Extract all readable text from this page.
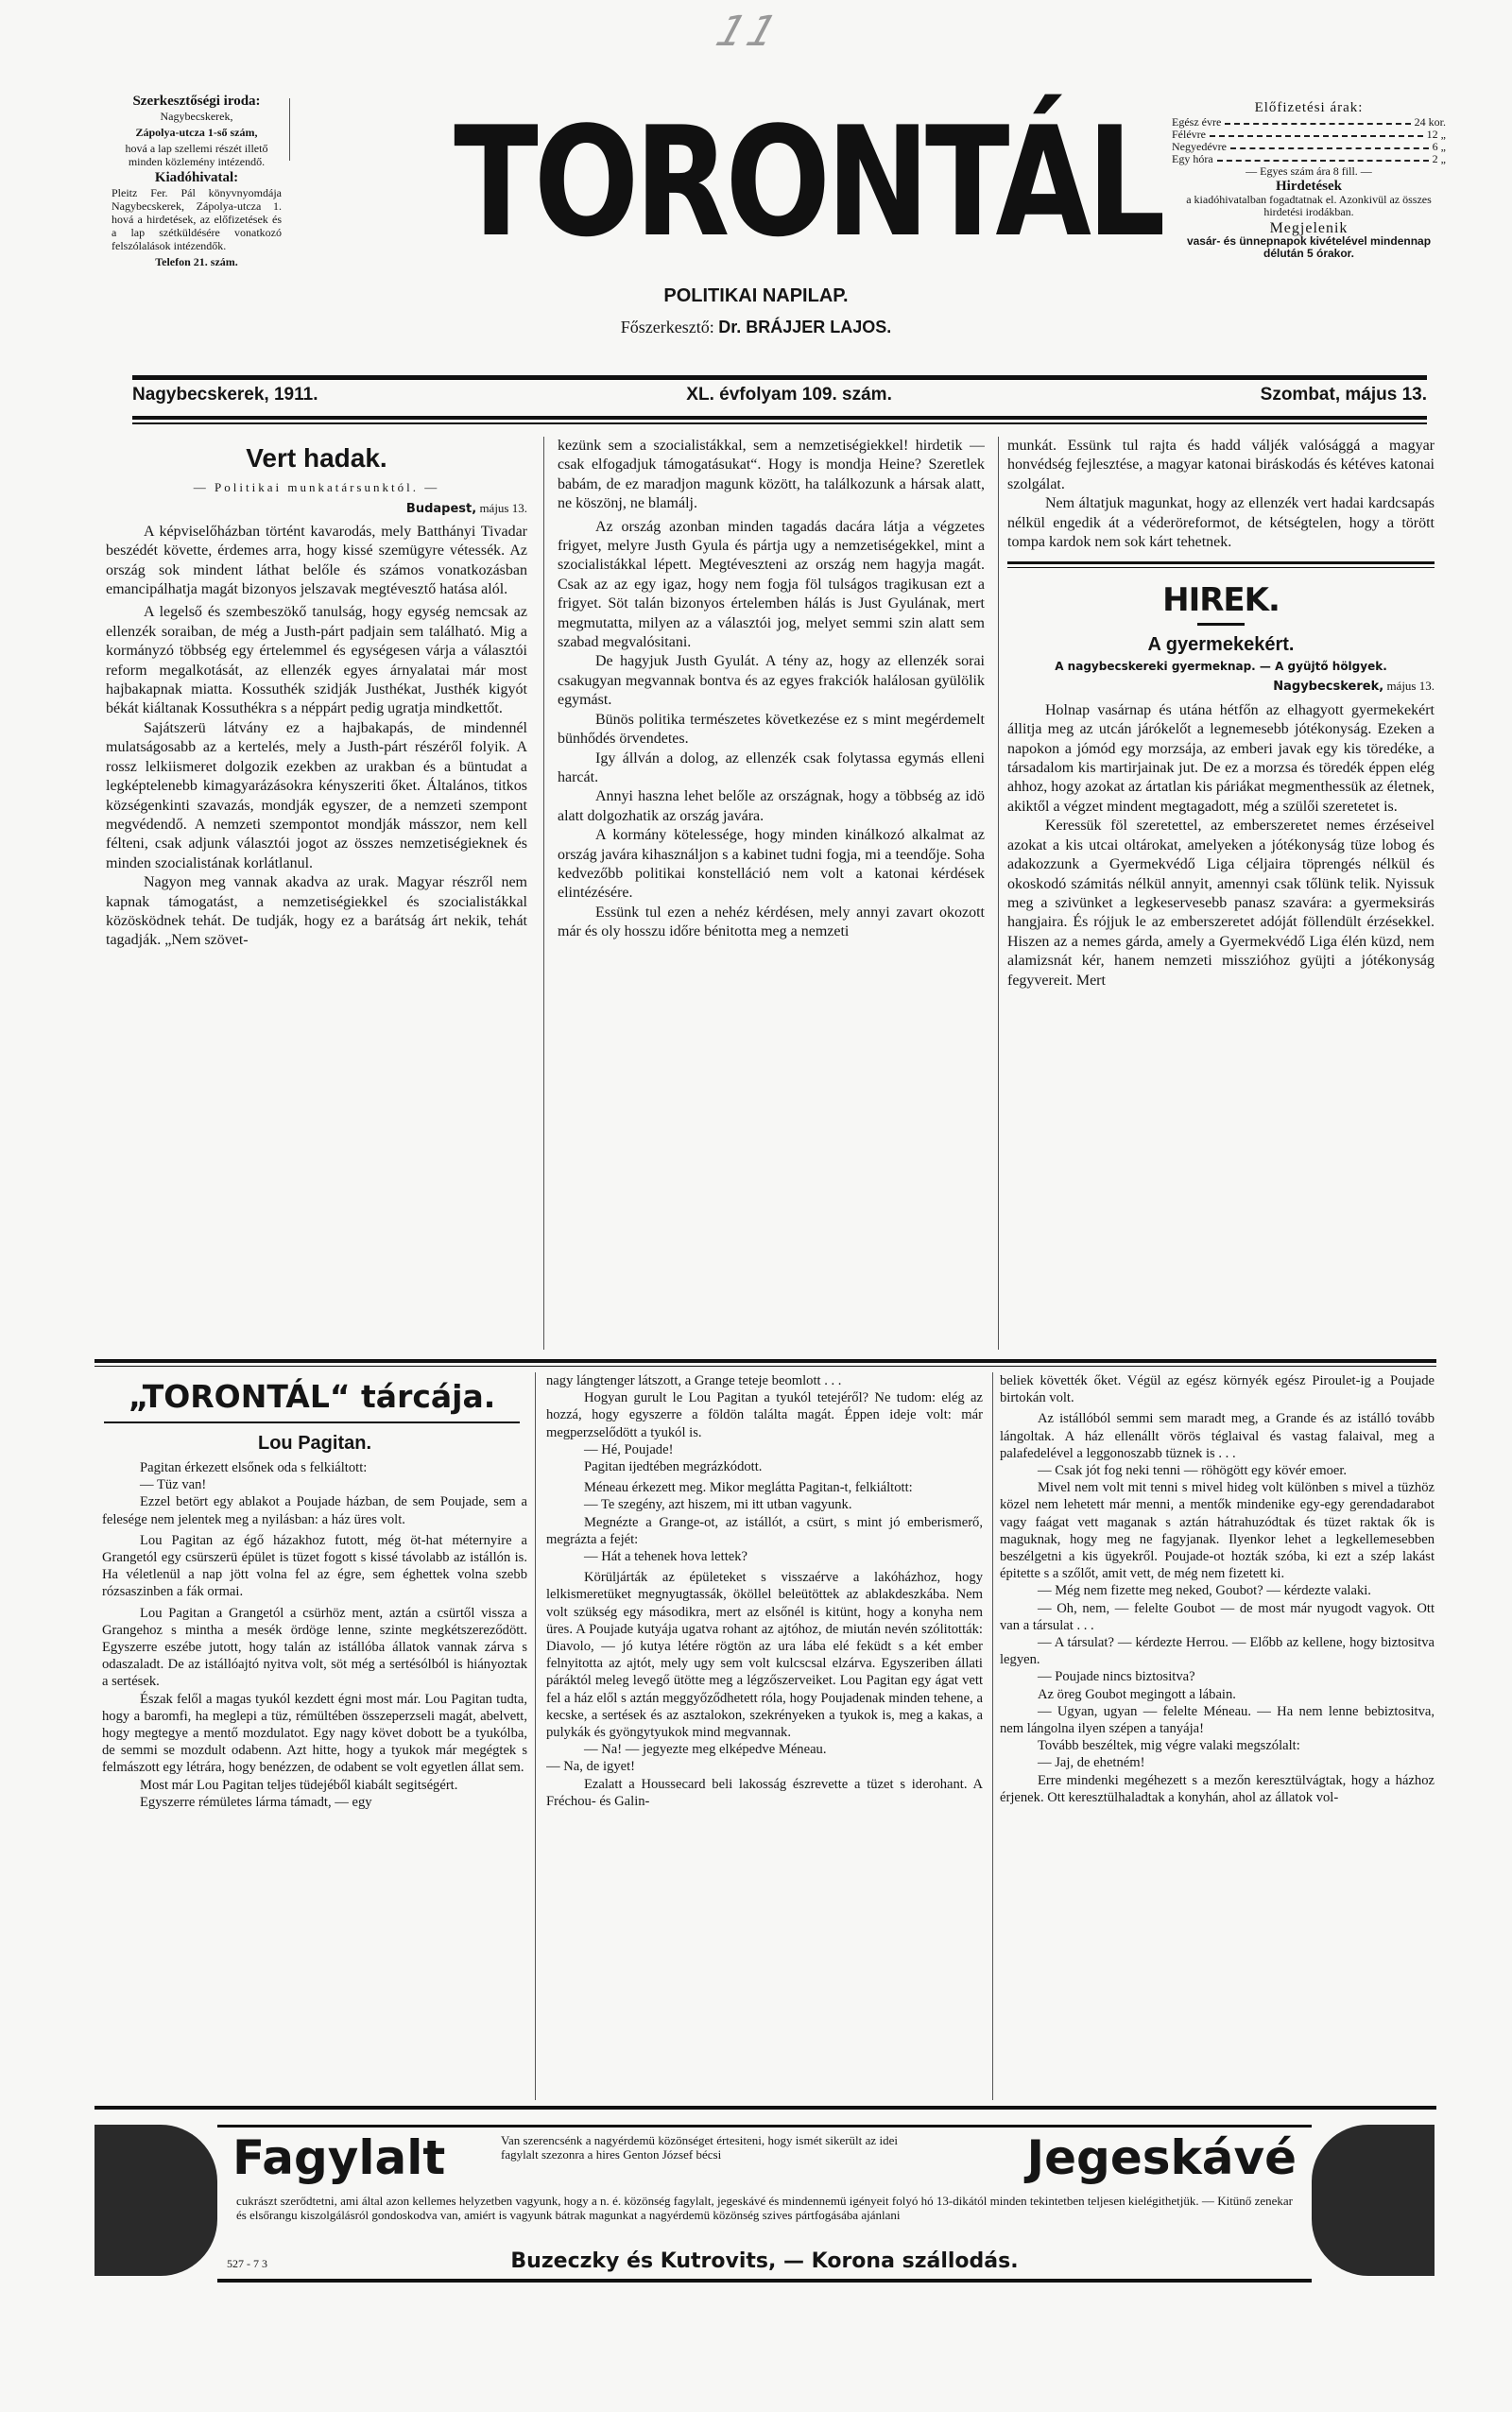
11
Szerkesztőségi iroda:

Nagybecskerek,

Zápolya-utcza 1-ső szám,

hová a lap szellemi részét illető minden közlemény intézendő.

Kiadóhivatal:

Pleitz Fer. Pál könyvnyomdája Nagybecskerek, Zápolya-utcza 1. hová a hirdetések, az előfizetések és a lap szétküldésére vonatkozó felszólalások intézendők.

Telefon 21. szám. TORONTÁL
POLITIKAI NAPILAP.
Főszerkesztő: Dr. BRÁJJER LAJOS.
Előfizetési árak:
Egész évre	24 kor.
Félévre	12 „
Negyedévre	6 „
Egy hóra	2 „
— Egyes szám ára 8 fill. —
Hirdetések
a kiadóhivatalban fogadtatnak el. Azonkivül az összes hirdetési irodákban.
Megjelenik
vasár- és ünnepnapok kivételével mindennap délután 5 órakor.
Nagybecskerek, 1911.	XL. évfolyam 109. szám.	Szombat, május 13.
Vert hadak.
— Politikai munkatársunktól. —
Budapest, május 13.

A képviselőházban történt kavarodás, mely Batthányi Tivadar beszédét követte, érdemes arra, hogy kissé szemügyre vétessék. Az ország sok mindent láthat belőle és számos vonatkozásban emancipálhatja magát bizonyos jelszavak megtévesztő hatása alól.

A legelső és szembeszökő tanulság, hogy egység nemcsak az ellenzék soraiban, de még a Justh-párt padjain sem található. Mig a kormányzó többség egy értelemmel és egységesen várja a választói reform megalkotását, az ellenzék egyes árnyalatai már most hajbakapnak miatta. Kossuthék szidják Justhékat, Justhék kigyót békát kiáltanak Kossuthékra s a néppárt pedig ugratja mindkettőt.

Sajátszerü látvány ez a hajbakapás, de mindennél mulatságosabb az a kertelés, mely a Justh-párt részéről folyik. A rossz lelkiismeret dolgozik ezekben az urakban és a büntudat a legképtelenebb kimagyarázásokra kényszeriti őket. Általános, titkos községenkinti szavazás, mondják egyszer, de a nemzeti szempont megvédendő. A nemzeti szempontot mondják másszor, nem kell félteni, csak adjunk választói jogot az összes nemzetiségieknek és minden szocialistának korlátlanul.

Nagyon meg vannak akadva az urak. Magyar részről nem kapnak támogatást, a nemzetiségiekkel és szocialistákkal közösködnek tehát. De tudják, hogy ez a barátság árt nekik, tehát tagadják. „Nem szövet-

kezünk sem a szocialistákkal, sem a nemzetiségiekkel! hirdetik — csak elfogadjuk támogatásukat“. Hogy is mondja Heine? Szeretlek babám, de ez maradjon magunk között, ha találkozunk a hársak alatt, ne köszönj, ne blamálj.

Az ország azonban minden tagadás dacára látja a végzetes frigyet, melyre Justh Gyula és pártja ugy a nemzetiségekkel, mint a szocialistákkal lépett. Megtéveszteni az ország nem hagyja magát. Csak az az egy igaz, hogy nem fogja föl tulságos tragikusan ezt a frigyet. Söt talán bizonyos értelemben hálás is Just Gyulának, mert megmutatta, milyen az a választói jog, melyet semmi szin alatt sem szabad megvalósitani.

De hagyjuk Justh Gyulát. A tény az, hogy az ellenzék sorai csakugyan megvannak bontva és az egyes frakciók halálosan gyülölik egymást.

Bünös politika természetes következése ez s mint megérdemelt bünhődés örvendetes.

Igy állván a dolog, az ellenzék csak folytassa egymás elleni harcát.

Annyi haszna lehet belőle az országnak, hogy a többség az idö alatt dolgozhatik az ország javára.

A kormány kötelessége, hogy minden kinálkozó alkalmat az ország javára kihasználjon s a kabinet tudni fogja, mi a teendője. Soha kedvezőbb politikai konstelláció nem volt a katonai kérdések elintézésére.

Essünk tul ezen a nehéz kérdésen, mely annyi zavart okozott már és oly hosszu időre bénitotta meg a nemzeti

munkát. Essünk tul rajta és hadd váljék valósággá a magyar honvédség fejlesztése, a magyar katonai biráskodás és kétéves katonai szolgálat.

Nem áltatjuk magunkat, hogy az ellenzék vert hadai kardcsapás nélkül engedik át a véderöreformot, de kétségtelen, hogy a törött tompa kardok nem sok kárt tehetnek.

HIREK.
A gyermekekért.
A nagybecskereki gyermeknap. — A gyüjtő hölgyek.
Nagybecskerek, május 13.

Holnap vasárnap és utána hétfőn az elhagyott gyermekekért állitja meg az utcán járókelőt a legnemesebb jótékonyság. Ezeken a napokon a jómód egy morzsája, az emberi javak egy kis töredéke, a társadalom kis martirjainak jut. De ez a morzsa és töredék éppen elég ahhoz, hogy azokat az ártatlan kis páriákat megmenthessük az életnek, akiktől a végzet mindent megtagadott, még a szülői szeretetet is.

Keressük föl szeretettel, az emberszeretet nemes érzéseivel azokat a kis utcai oltárokat, amelyeken a jótékonyság tüze lobog és adakozzunk a Gyermekvédő Liga céljaira töprengés nélkül és okoskodó számitás nélkül annyit, amennyi csak tőlünk telik. Nyissuk meg a szivünket a legkeservesebb panasz szavára: a gyermeksirás hangjaira. És rójjuk le az emberszeretet adóját föllendült érzésekkel. Hiszen az a nemes gárda, amely a Gyermekvédő Liga élén küzd, nem alamizsnát kér, hanem nemzeti misszióhoz gyüjti a jótékonyság fegyvereit. Mert

„TORONTÁL“ tárcája.
Lou Pagitan.

Pagitan érkezett elsőnek oda s felkiáltott:

— Tüz van!

Ezzel betört egy ablakot a Poujade házban, de sem Poujade, sem a felesége nem jelentek meg a nyilásban: a ház üres volt.

Lou Pagitan az égő házakhoz futott, még öt-hat méternyire a Grangetól egy csürszerü épület is tüzet fogott s kissé távolabb az istállón is. Ha véletlenül a nap jött volna fel az égre, sem éghettek volna szebb rózsaszinben a fák ormai.

Lou Pagitan a Grangetól a csürhöz ment, aztán a csürtől vissza a Grangehoz s mintha a mesék ördöge lenne, szinte megkétszereződött. Egyszerre eszébe jutott, hogy talán az istállóba állatok vannak zárva s odaszaladt. De az istállóajtó nyitva volt, söt még a sertésólból is hiányoztak a sertések.

Észak felől a magas tyukól kezdett égni most már. Lou Pagitan tudta, hogy a baromfi, ha meglepi a tüz, rémültében összeperzseli magát, abelvett, hogy megtegye a mentő mozdulatot. Egy nagy követ dobott be a tyukólba, de semmi se mozdult odabenn. Azt hitte, hogy a tyukok már megégtek s felmászott egy létrára, hogy benézzen, de odabent se volt egyetlen állat sem.

Most már Lou Pagitan teljes tüdejéből kiabált segitségért.

Egyszerre rémületes lárma támadt, — egy

nagy lángtenger látszott, a Grange teteje beomlott . . .

Hogyan gurult le Lou Pagitan a tyukól tetejéről? Ne tudom: elég az hozzá, hogy egyszerre a földön találta magát. Éppen ideje volt: már megperzselődött a tyukól is.

— Hé, Poujade!

Pagitan ijedtében megrázkódott.

Méneau érkezett meg. Mikor meglátta Pagitan-t, felkiáltott:

— Te szegény, azt hiszem, mi itt utban vagyunk.

Megnézte a Grange-ot, az istállót, a csürt, s mint jó emberismerő, megrázta a fejét:

— Hát a tehenek hova lettek?

Körüljárták az épületeket s visszaérve a lakóházhoz, hogy lelkismeretüket megnyugtassák, ököllel beleütöttek az ablakdeszkába. Nem volt szükség egy másodikra, mert az elsőnél is kitünt, hogy a konyha nem üres. A Poujade kutyája ugatva rohant az ajtóhoz, de miután nevén szólitották: Diavolo, — jó kutya létére rögtön az ura lába elé feküdt s a két ember felnyitotta az ajtót, mely ugy sem volt kulcscsal elzárva. Egyszeriben állati páráktól meleg levegő ütötte meg a légzőszerveiket. Lou Pagitan egy ágat vett fel a ház elől s aztán meggyőződhetett róla, hogy Poujadenak minden tehene, a kecske, a sertések és az asztalokon, szekrényeken a tyukok is, meg a kakas, a pulykák és gyöngytyukok mind megvannak.

— Na! — jegyezte meg elképedve Méneau.

— Na, de igyet!

Ezalatt a Houssecard beli lakosság észrevette a tüzet s iderohant. A Fréchou- és Galin-

beliek követték őket. Végül az egész környék egész Piroulet-ig a Poujade birtokán volt.

Az istállóból semmi sem maradt meg, a Grande és az istálló tovább lángoltak. A ház ellenállt vörös téglaival és vastag falaival, meg a palafedelével a leggonoszabb tüznek is . . .

— Csak jót fog neki tenni — röhögött egy kövér emoer.

Mivel nem volt mit tenni s mivel hideg volt különben s mivel a tüzhöz közel nem lehetett már menni, a mentők mindenike egy-egy gerendadarabot vagy faágat vett maganak s aztán hátrahuzódtak és tüzet raktak ők is maguknak, hogy meg ne fagyjanak. Ilyenkor lehet a legkellemesebben beszélgetni a kis ügyekről. Poujade-ot hozták szóba, ki ezt a szép lakást épitette s a szőlőt, amit vett, de még nem fizetett ki.

— Még nem fizette meg neked, Goubot? — kérdezte valaki.

— Oh, nem, — felelte Goubot — de most már nyugodt vagyok. Ott van a társulat . . .

— A társulat? — kérdezte Herrou. — Előbb az kellene, hogy biztositva legyen.

— Poujade nincs biztositva?

Az öreg Goubot megingott a lábain.

— Ugyan, ugyan — felelte Méneau. — Ha nem lenne bebiztositva, nem lángolna ilyen szépen a tanyája!

Tovább beszéltek, mig végre valaki megszólalt:

— Jaj, de ehetném!

Erre mindenki megéhezett s a mezőn keresztülvágtak, hogy a házhoz érjenek. Ott keresztülhaladtak a konyhán, ahol az állatok vol-

Fagylalt	Van szerencsénk a nagyérdemü közönséget értesiteni, hogy ismét sikerült az idei fagylalt szezonra a hires Genton József bécsi	Jegeskávé
cukrászt szerődtetni, ami által azon kellemes helyzetben vagyunk, hogy a n. é. közönség fagylalt, jegeskávé és mindennemü igényeit folyó hó 13-dikától minden tekintetben teljesen kielégithetjük. — Kitünő zenekar és elsőrangu kiszolgálásról gondoskodva van, amiért is vagyunk bátrak magunkat a nagyérdemü közönség szives pártfogásába ajánlani
Buzeczky és Kutrovits, — Korona szállodás.
527 - 7 3
